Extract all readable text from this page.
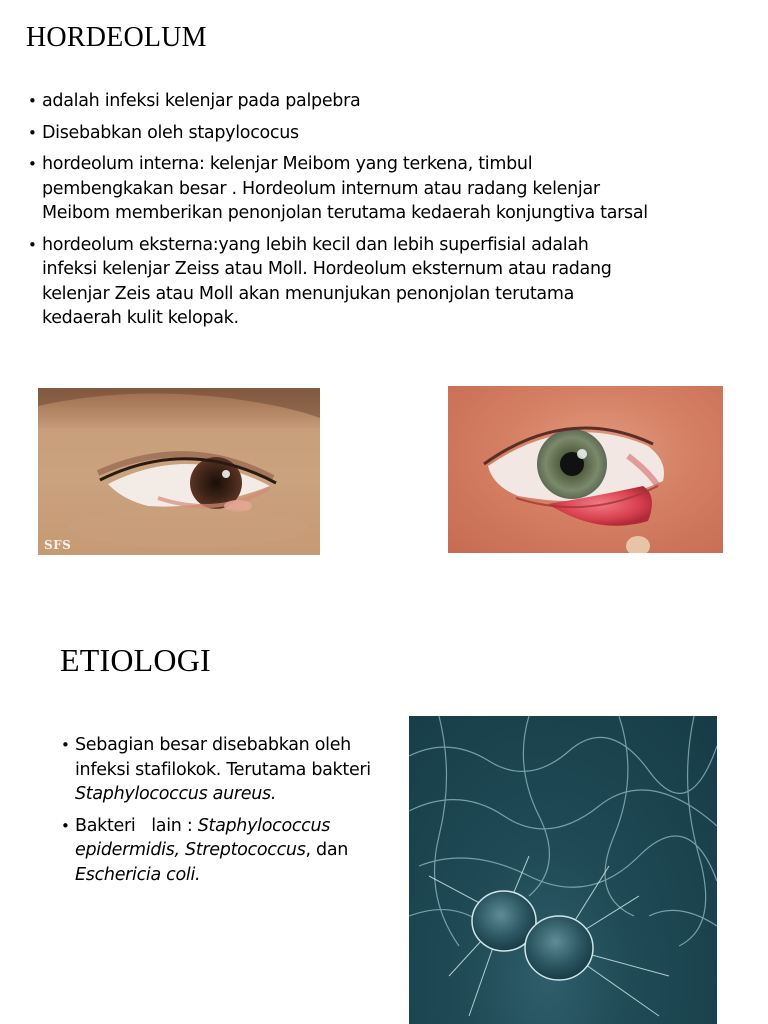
HORDEOLUM
• adalah infeksi kelenjar pada palpebra
• Disebabkan oleh stapylococus
• hordeolum interna: kelenjar Meibom yang terkena, timbul pembengkakan besar . Hordeolum internum atau radang kelenjar Meibom memberikan penonjolan terutama kedaerah konjungtiva tarsal
• hordeolum eksterna:yang lebih kecil dan lebih superfisial adalah infeksi kelenjar Zeiss atau Moll. Hordeolum eksternum atau radang kelenjar Zeis atau Moll akan menunjukan penonjolan terutama kedaerah kulit kelopak.
SFS
ETIOLOGI
• Sebagian besar disebabkan oleh infeksi stafilokok. Terutama bakteri Staphylococcus aureus.
• Bakteri   lain : Staphylococcus epidermidis, Streptococcus, dan Eschericia coli.
